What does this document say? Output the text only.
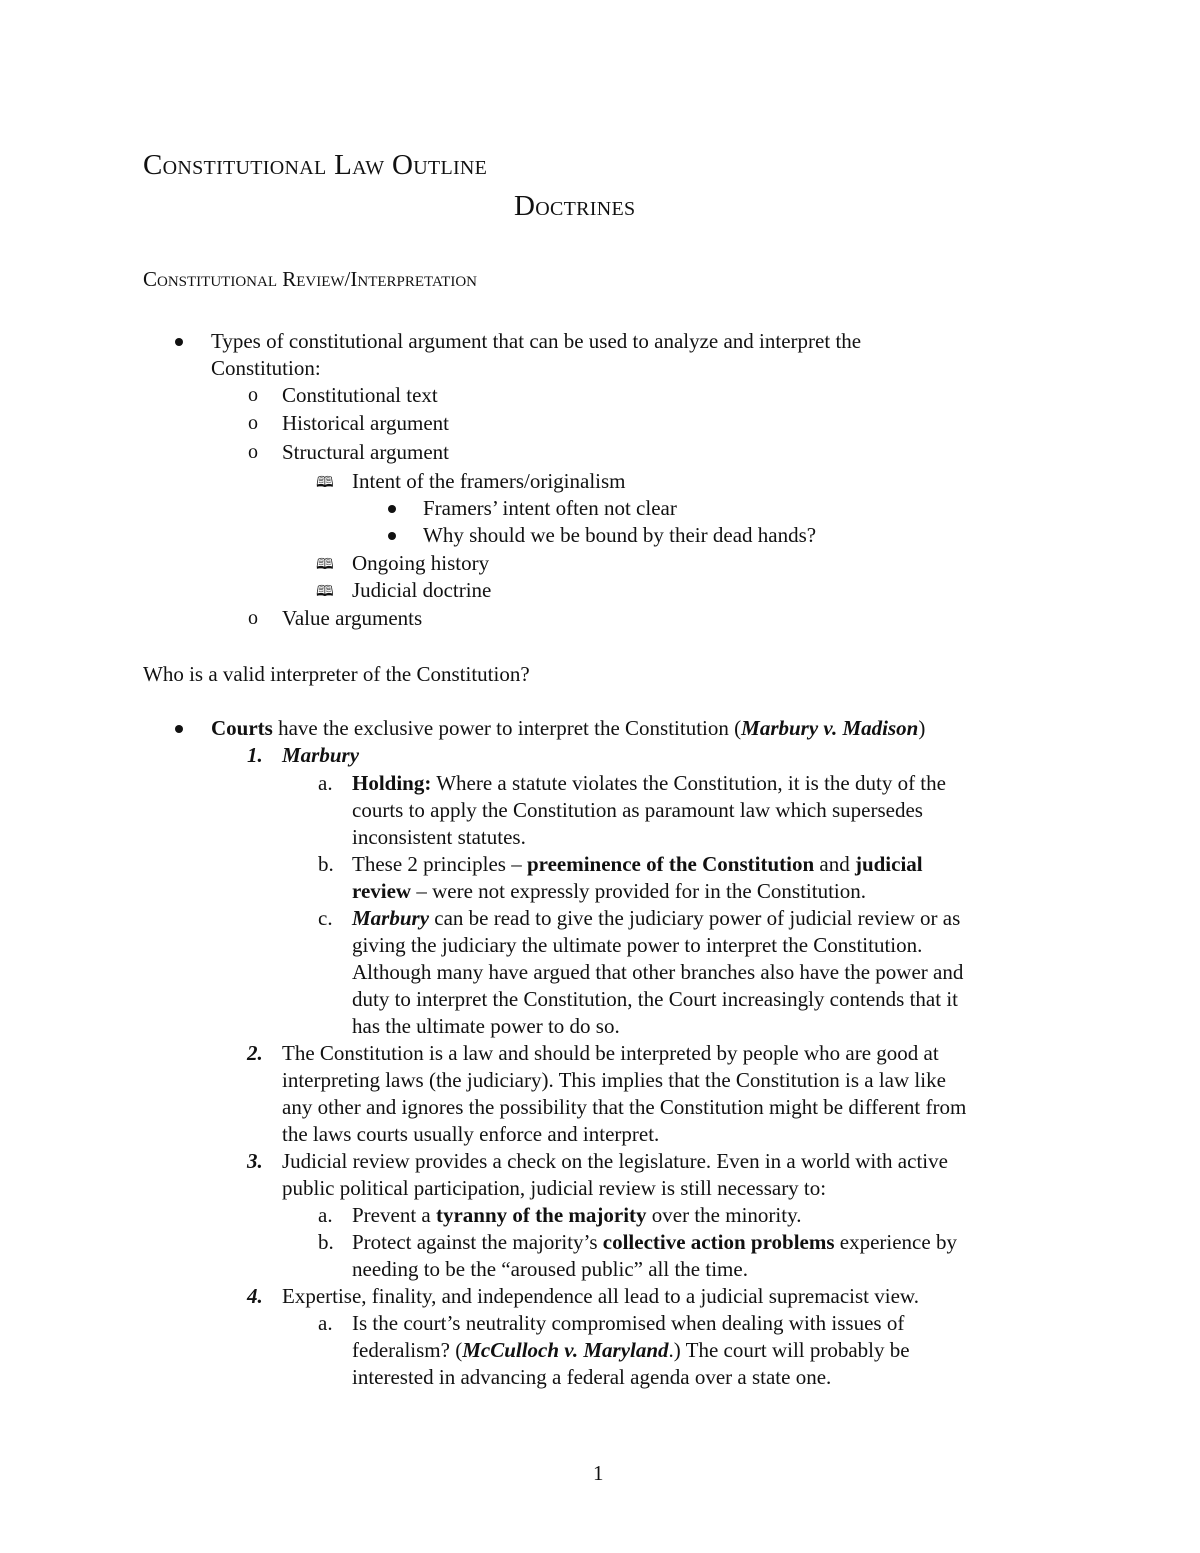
Constitutional Law Outline
Doctrines
Constitutional Review/Interpretation
Types of constitutional argument that can be used to analyze and interpret the
Constitution:
o Constitutional text
o Historical argument
o Structural argument
🕮 Intent of the framers/originalism
Framers’ intent often not clear
Why should we be bound by their dead hands?
🕮 Ongoing history
🕮 Judicial doctrine
o Value arguments
Who is a valid interpreter of the Constitution?
Courts have the exclusive power to interpret the Constitution (Marbury v. Madison)
1. Marbury
a. Holding: Where a statute violates the Constitution, it is the duty of the
courts to apply the Constitution as paramount law which supersedes
inconsistent statutes.
b. These 2 principles – preeminence of the Constitution and judicial
review – were not expressly provided for in the Constitution.
c. Marbury can be read to give the judiciary power of judicial review or as
giving the judiciary the ultimate power to interpret the Constitution.
Although many have argued that other branches also have the power and
duty to interpret the Constitution, the Court increasingly contends that it
has the ultimate power to do so.
2. The Constitution is a law and should be interpreted by people who are good at
interpreting laws (the judiciary). This implies that the Constitution is a law like
any other and ignores the possibility that the Constitution might be different from
the laws courts usually enforce and interpret.
3. Judicial review provides a check on the legislature. Even in a world with active
public political participation, judicial review is still necessary to:
a. Prevent a tyranny of the majority over the minority.
b. Protect against the majority’s collective action problems experience by
needing to be the “aroused public” all the time.
4. Expertise, finality, and independence all lead to a judicial supremacist view.
a. Is the court’s neutrality compromised when dealing with issues of
federalism? (McCulloch v. Maryland.) The court will probably be
interested in advancing a federal agenda over a state one.
1
